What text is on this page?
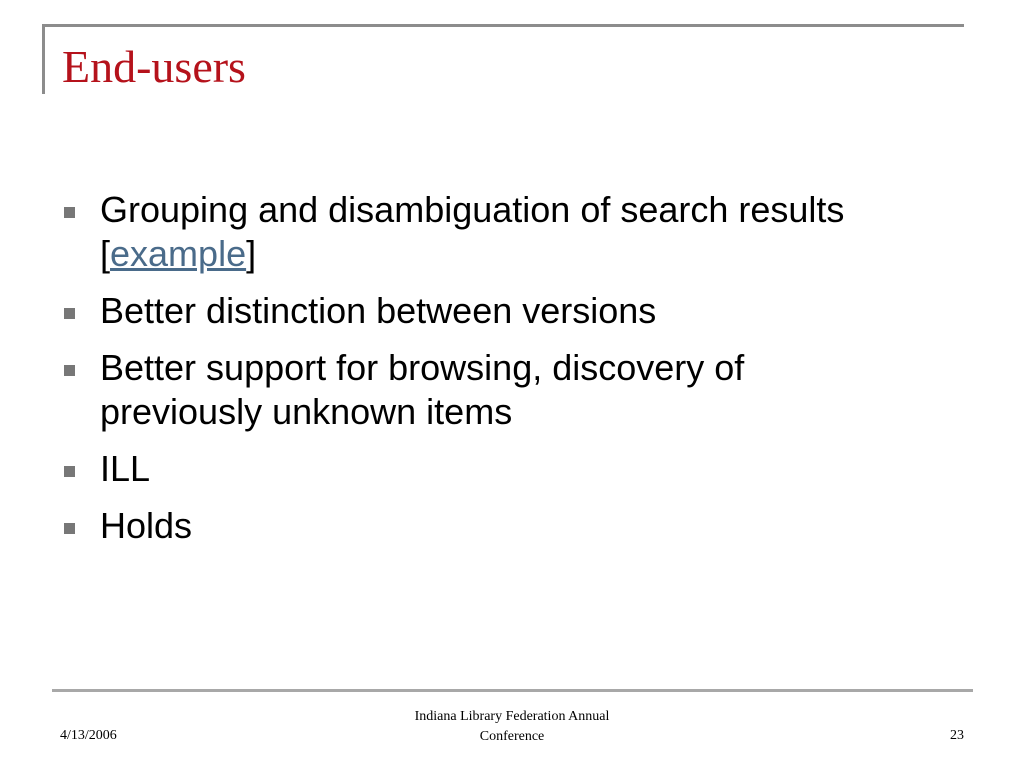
End-users
Grouping and disambiguation of search results [example]
Better distinction between versions
Better support for browsing, discovery of previously unknown items
ILL
Holds
4/13/2006
Indiana Library Federation Annual
Conference	23
